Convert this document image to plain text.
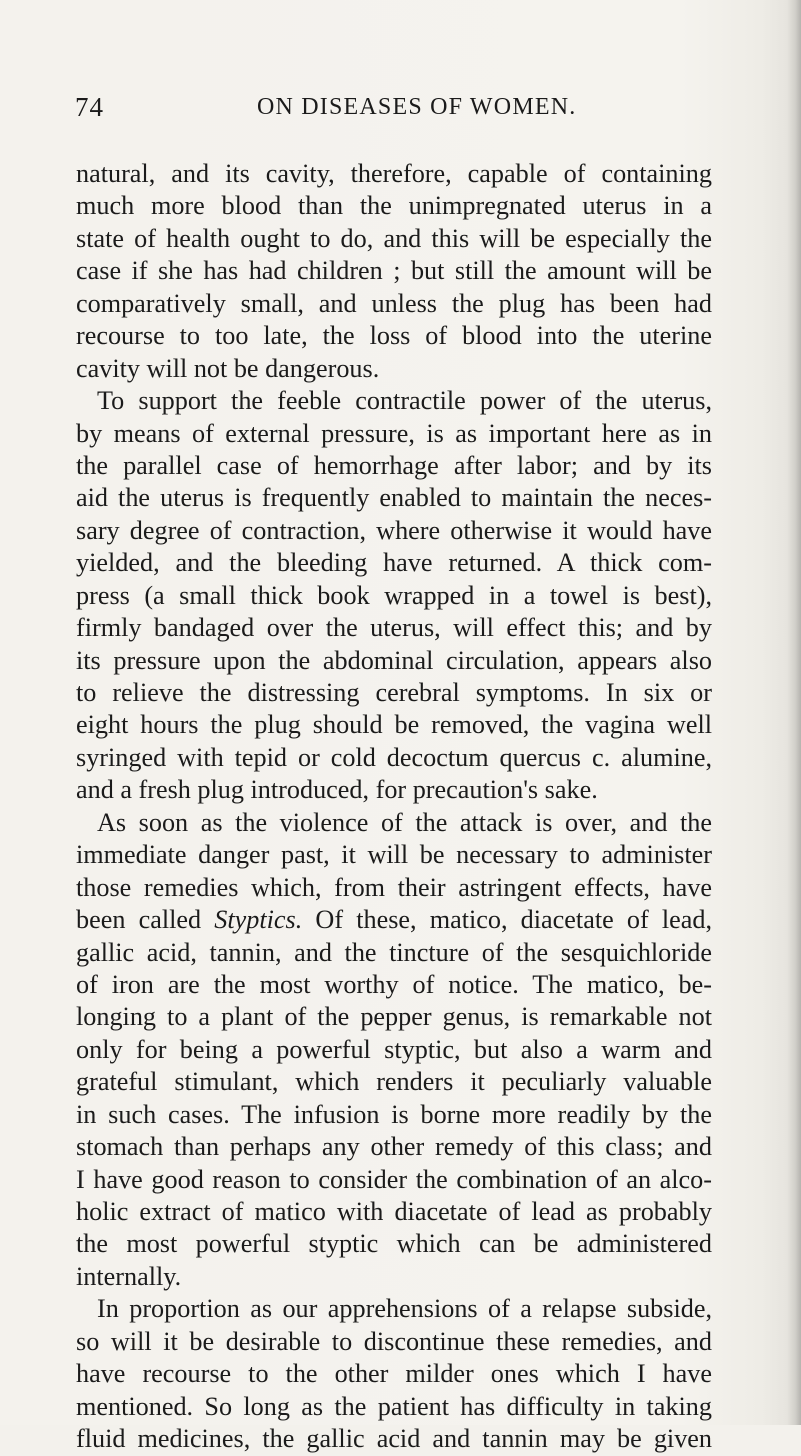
74	ON DISEASES OF WOMEN.
natural, and its cavity, therefore, capable of containing
much more blood than the unimpregnated uterus in a
state of health ought to do, and this will be especially the
case if she has had children ; but still the amount will be
comparatively small, and unless the plug has been had
recourse to too late, the loss of blood into the uterine
cavity will not be dangerous.
To support the feeble contractile power of the uterus,
by means of external pressure, is as important here as in
the parallel case of hemorrhage after labor; and by its
aid the uterus is frequently enabled to maintain the neces-
sary degree of contraction, where otherwise it would have
yielded, and the bleeding have returned. A thick com-
press (a small thick book wrapped in a towel is best),
firmly bandaged over the uterus, will effect this; and by
its pressure upon the abdominal circulation, appears also
to relieve the distressing cerebral symptoms. In six or
eight hours the plug should be removed, the vagina well
syringed with tepid or cold decoctum quercus c. alumine,
and a fresh plug introduced, for precaution's sake.
As soon as the violence of the attack is over, and the
immediate danger past, it will be necessary to administer
those remedies which, from their astringent effects, have
been called Styptics. Of these, matico, diacetate of lead,
gallic acid, tannin, and the tincture of the sesquichloride
of iron are the most worthy of notice. The matico, be-
longing to a plant of the pepper genus, is remarkable not
only for being a powerful styptic, but also a warm and
grateful stimulant, which renders it peculiarly valuable
in such cases. The infusion is borne more readily by the
stomach than perhaps any other remedy of this class; and
I have good reason to consider the combination of an alco-
holic extract of matico with diacetate of lead as probably
the most powerful styptic which can be administered
internally.
In proportion as our apprehensions of a relapse subside,
so will it be desirable to discontinue these remedies, and
have recourse to the other milder ones which I have
mentioned. So long as the patient has difficulty in taking
fluid medicines, the gallic acid and tannin may be given
